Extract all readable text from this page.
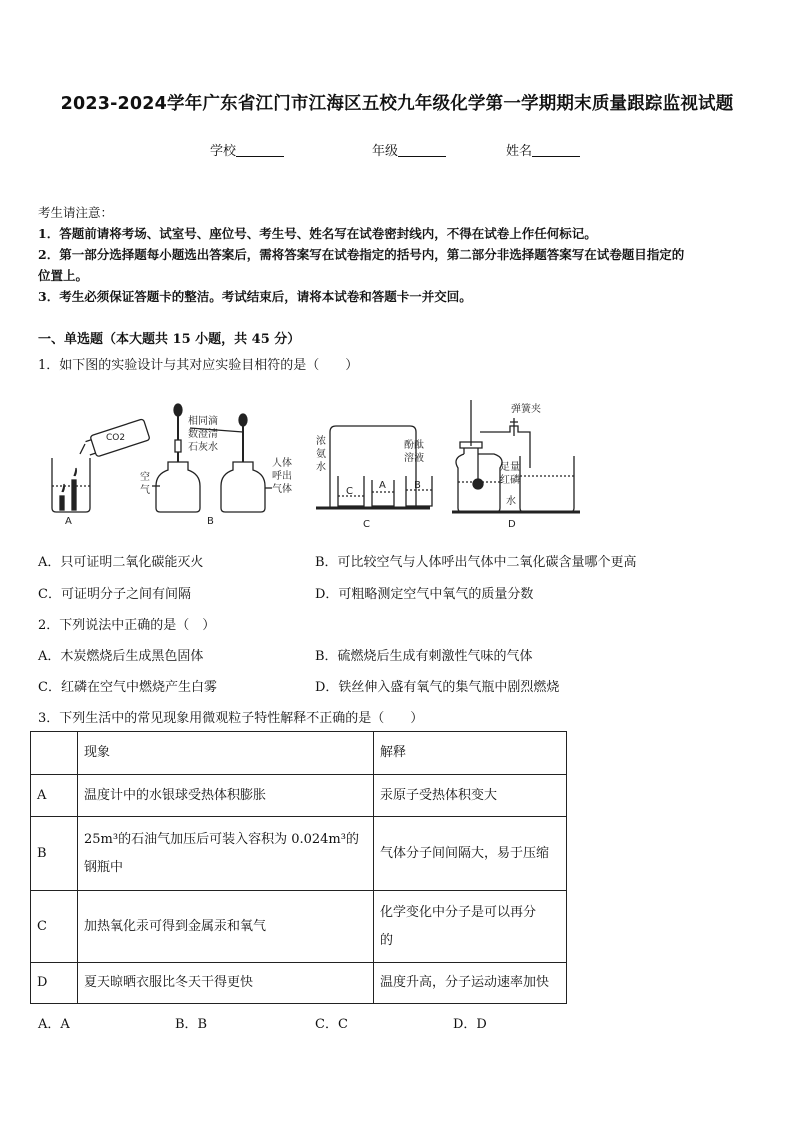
2023-2024学年广东省江门市江海区五校九年级化学第一学期期末质量跟踪监视试题
学校	年级	姓名
考生请注意：
1．答题前请将考场、试室号、座位号、考生号、姓名写在试卷密封线内，不得在试卷上作任何标记。
2．第一部分选择题每小题选出答案后，需将答案写在试卷指定的括号内，第二部分非选择题答案写在试卷题目指定的
位置上。
3．考生必须保证答题卡的整洁。考试结束后，请将本试卷和答题卡一并交回。
一、单选题（本大题共 15 小题，共 45 分）
1．如下图的实验设计与其对应实验目相符的是（　　）
CO2
A
相同滴
数澄清
石灰水
空
气
人体
呼出
气体
B
C
A	B
浓
氨
水
酚酞
溶液
C
弹簧夹
足量
红磷
水
D
A．只可证明二氧化碳能灭火	B．可比较空气与人体呼出气体中二氧化碳含量哪个更高
C．可证明分子之间有间隔	D．可粗略测定空气中氧气的质量分数
2．下列说法中正确的是（　）
A．木炭燃烧后生成黑色固体	B．硫燃烧后生成有刺激性气味的气体
C．红磷在空气中燃烧产生白雾	D．铁丝伸入盛有氧气的集气瓶中剧烈燃烧
3．下列生活中的常见现象用微观粒子特性解释不正确的是（　　）
	现象	解释
A	温度计中的水银球受热体积膨胀	汞原子受热体积变大
B	25m³的石油气加压后可装入容积为 0.024m³的
钢瓶中	气体分子间间隔大，易于压缩
C	加热氧化汞可得到金属汞和氧气	化学变化中分子是可以再分
的

D	夏天晾晒衣服比冬天干得更快	温度升高，分子运动速率加快
A．A	B．B	C．C	D．D
